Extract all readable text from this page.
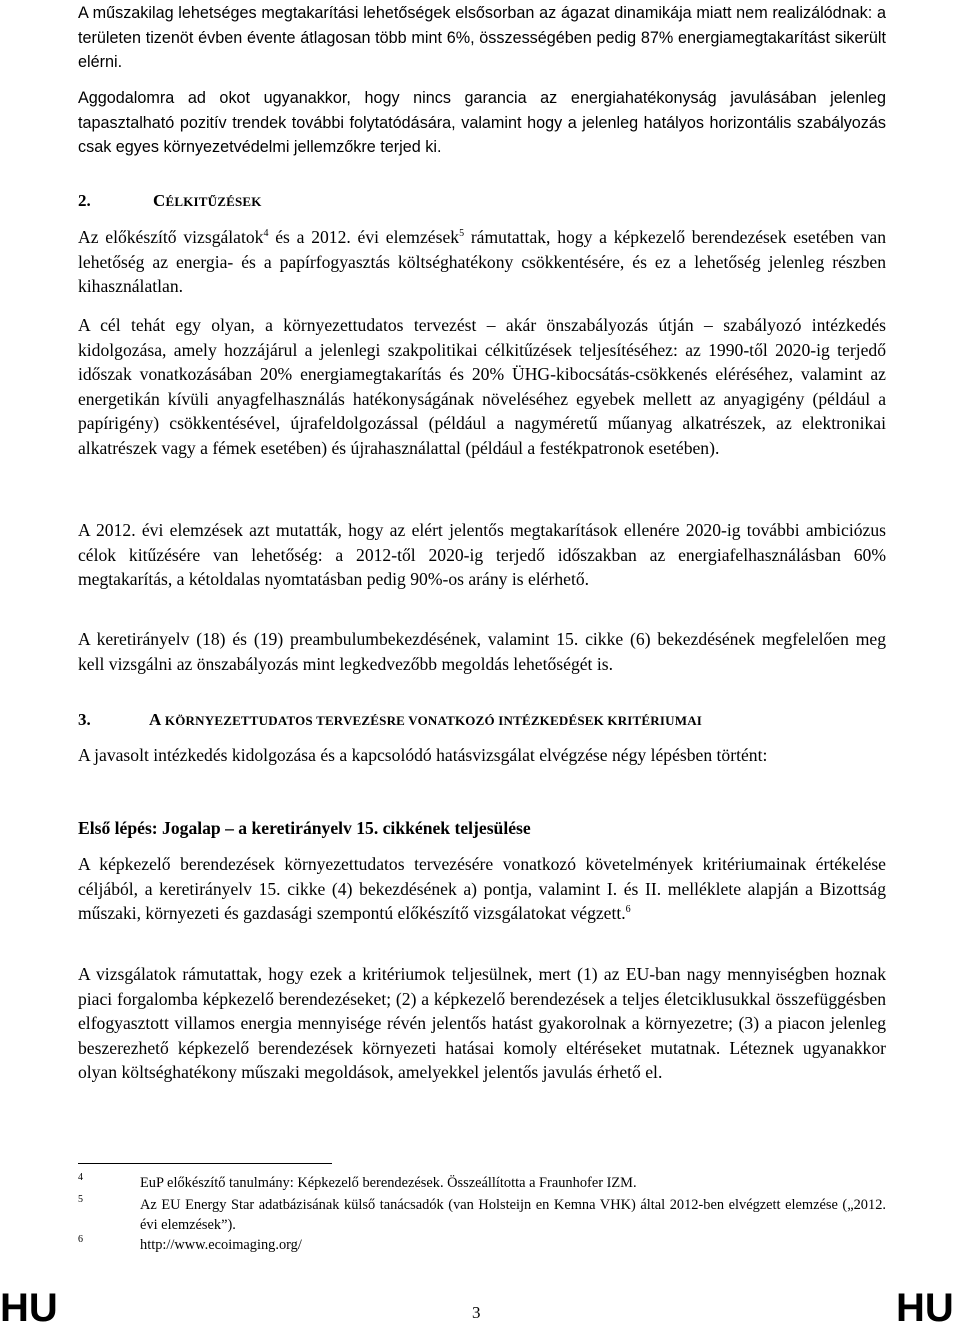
A műszakilag lehetséges megtakarítási lehetőségek elsősorban az ágazat dinamikája miatt nem realizálódnak: a területen tizenöt évben évente átlagosan több mint 6%, összességében pedig 87% energiamegtakarítást sikerült elérni.

Aggodalomra ad okot ugyanakkor, hogy nincs garancia az energiahatékonyság javulásában jelenleg tapasztalható pozitív trendek további folytatódására, valamint hogy a jelenleg hatályos horizontális szabályozás csak egyes környezetvédelmi jellemzőkre terjed ki.

2.	CÉLKITŰZÉSEK

Az előkészítő vizsgálatok$^4$ és a 2012. évi elemzések$^5$ rámutattak, hogy a képkezelő berendezések esetében van lehetőség az energia- és a papírfogyasztás költséghatékony csökkentésére, és ez a lehetőség jelenleg részben kihasználatlan.

A cél tehát egy olyan, a környezettudatos tervezést – akár önszabályozás útján – szabályozó intézkedés kidolgozása, amely hozzájárul a jelenlegi szakpolitikai célkitűzések teljesítéséhez: az 1990-től 2020-ig terjedő időszak vonatkozásában 20% energiamegtakarítás és 20% ÜHG-kibocsátás-csökkenés eléréséhez, valamint az energetikán kívüli anyagfelhasználás hatékonyságának növeléséhez egyebek mellett az anyagigény (például a papírigény) csökkentésével, újrafeldolgozással (például a nagyméretű műanyag alkatrészek, az elektronikai alkatrészek vagy a fémek esetében) és újrahasználattal (például a festékpatronok esetében).

A 2012. évi elemzések azt mutatták, hogy az elért jelentős megtakarítások ellenére 2020-ig további ambiciózus célok kitűzésére van lehetőség: a 2012-től 2020-ig terjedő időszakban az energiafelhasználásban 60% megtakarítás, a kétoldalas nyomtatásban pedig 90%-os arány is elérhető.

A keretirányelv (18) és (19) preambulumbekezdésének, valamint 15. cikke (6) bekezdésének megfelelően meg kell vizsgálni az önszabályozás mint legkedvezőbb megoldás lehetőségét is.

3.	A KÖRNYEZETTUDATOS TERVEZÉSRE VONATKOZÓ INTÉZKEDÉSEK KRITÉRIUMAI

A javasolt intézkedés kidolgozása és a kapcsolódó hatásvizsgálat elvégzése négy lépésben történt:

Első lépés: Jogalap – a keretirányelv 15. cikkének teljesülése

A képkezelő berendezések környezettudatos tervezésére vonatkozó követelmények kritériumainak értékelése céljából, a keretirányelv 15. cikke (4) bekezdésének a) pontja, valamint I. és II. melléklete alapján a Bizottság műszaki, környezeti és gazdasági szempontú előkészítő vizsgálatokat végzett.$^6$

A vizsgálatok rámutattak, hogy ezek a kritériumok teljesülnek, mert (1) az EU-ban nagy mennyiségben hoznak piaci forgalomba képkezelő berendezéseket; (2) a képkezelő berendezések a teljes életciklusukkal összefüggésben elfogyasztott villamos energia mennyisége révén jelentős hatást gyakorolnak a környezetre; (3) a piacon jelenleg beszerezhető képkezelő berendezések környezeti hatásai komoly eltéréseket mutatnak. Léteznek ugyanakkor olyan költséghatékony műszaki megoldások, amelyekkel jelentős javulás érhető el.

4	EuP előkészítő tanulmány: Képkezelő berendezések. Összeállította a Fraunhofer IZM.
5	Az EU Energy Star adatbázisának külső tanácsadók (van Holsteijn en Kemna VHK) által 2012-ben elvégzett elemzése („2012. évi elemzések”).
6	http://www.ecoimaging.org/
HU	3	HU
